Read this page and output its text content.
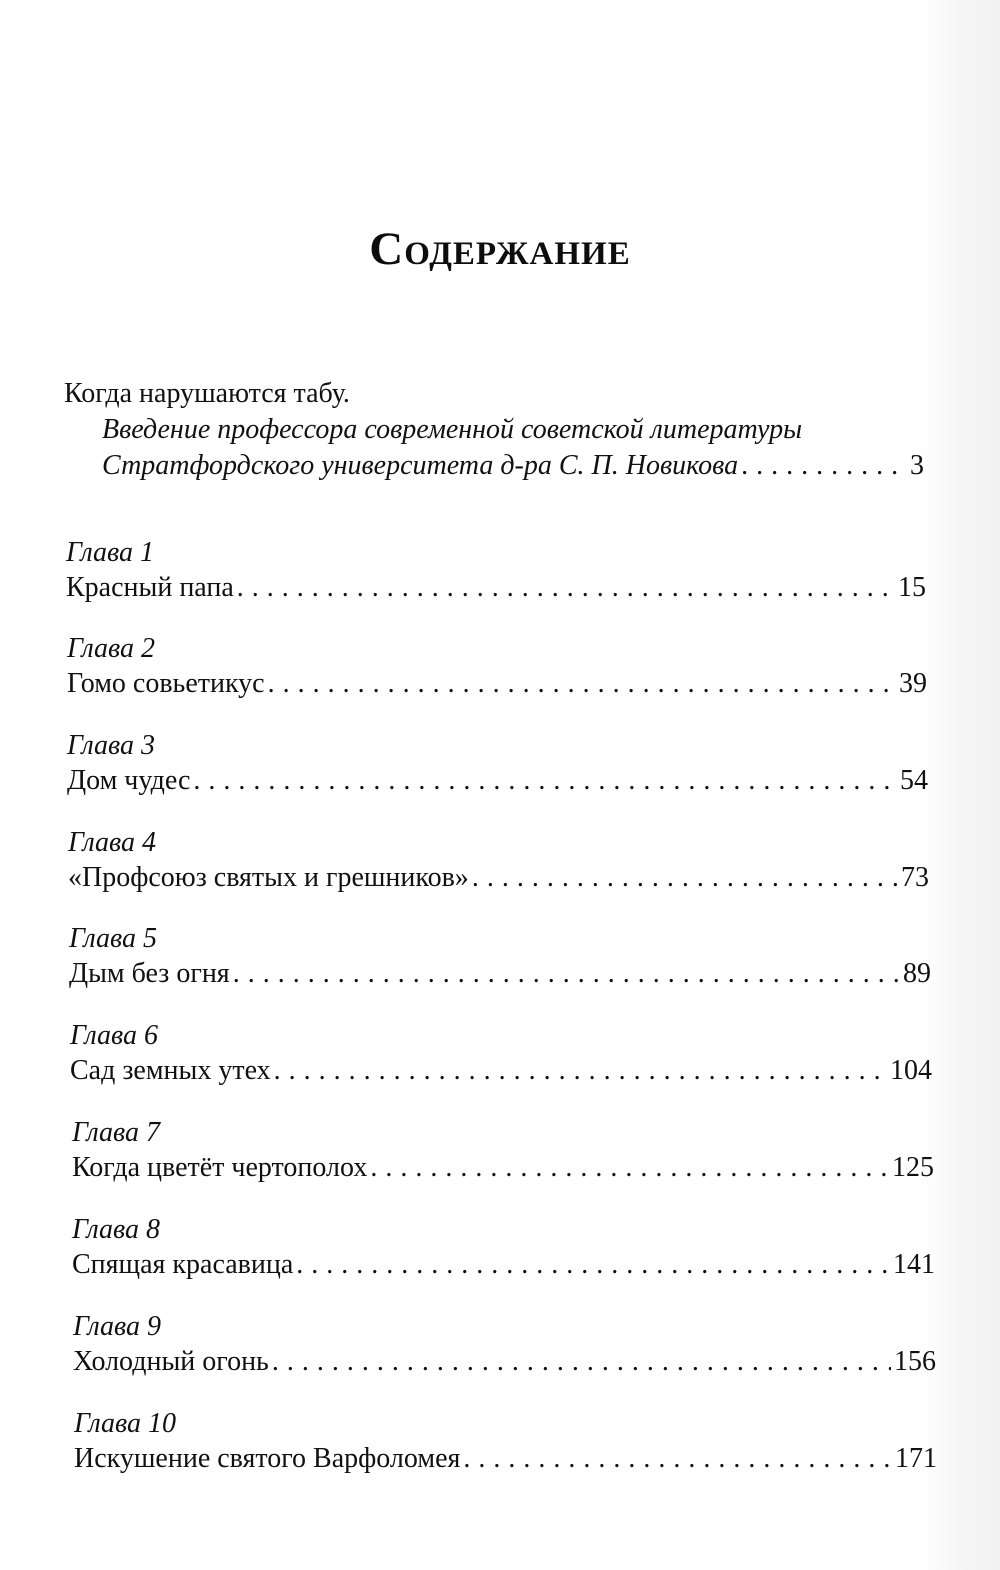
Содержание
Когда нарушаются табу.
Введение профессора современной советской литературы
Стратфордского университета д-ра С. П. Новикова . . .	3
Глава 1
Красный папа . . .	15
Глава 2
Гомо совьетикус . . .	39
Глава 3
Дом чудес . . .	54
Глава 4
«Профсоюз святых и грешников» . . .	73
Глава 5
Дым без огня . . .	89
Глава 6
Сад земных утех . . .	104
Глава 7
Когда цветёт чертополох . . .	125
Глава 8
Спящая красавица . . .	141
Глава 9
Холодный огонь . . .	156
Глава 10
Искушение святого Варфоломея . . .	171
